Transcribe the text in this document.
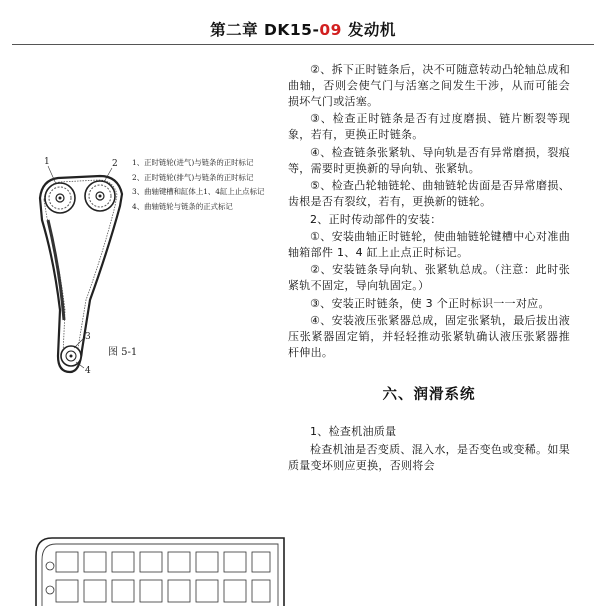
第二章 DK15-09 发动机
1	2
3
4
1、正时链轮(进气)与链条的正时标记
2、正时链轮(排气)与链条的正时标记
3、曲轴键槽和缸体上1、4缸上止点标记
4、曲轴链轮与链条的正式标记
图 5-1

②、拆下正时链条后，决不可随意转动凸轮轴总成和曲轴，否则会使气门与活塞之间发生干涉，从而可能会损坏气门或活塞。

③、检查正时链条是否有过度磨损、链片断裂等现象，若有，更换正时链条。

④、检查链条张紧轨、导向轨是否有异常磨损，裂痕等，需要时更换新的导向轨、张紧轨。

⑤、检查凸轮轴链轮、曲轴链轮齿面是否异常磨损、齿根是否有裂纹，若有，更换新的链轮。

2、正时传动部件的安装：

①、安装曲轴正时链轮，使曲轴链轮键槽中心对准曲轴箱部件 1、4 缸上止点正时标记。

②、安装链条导向轨、张紧轨总成。（注意：此时张紧轨不固定，导向轨固定。）

③、安装正时链条，使 3 个正时标识一一对应。

④、安装液压张紧器总成，固定张紧轨，最后拔出液压张紧器固定销，并轻轻推动张紧轨确认液压张紧器推杆伸出。

六、润滑系统

1、检查机油质量

检查机油是否变质、混入水，是否变色或变稀。如果质量变坏则应更换，否则将会
